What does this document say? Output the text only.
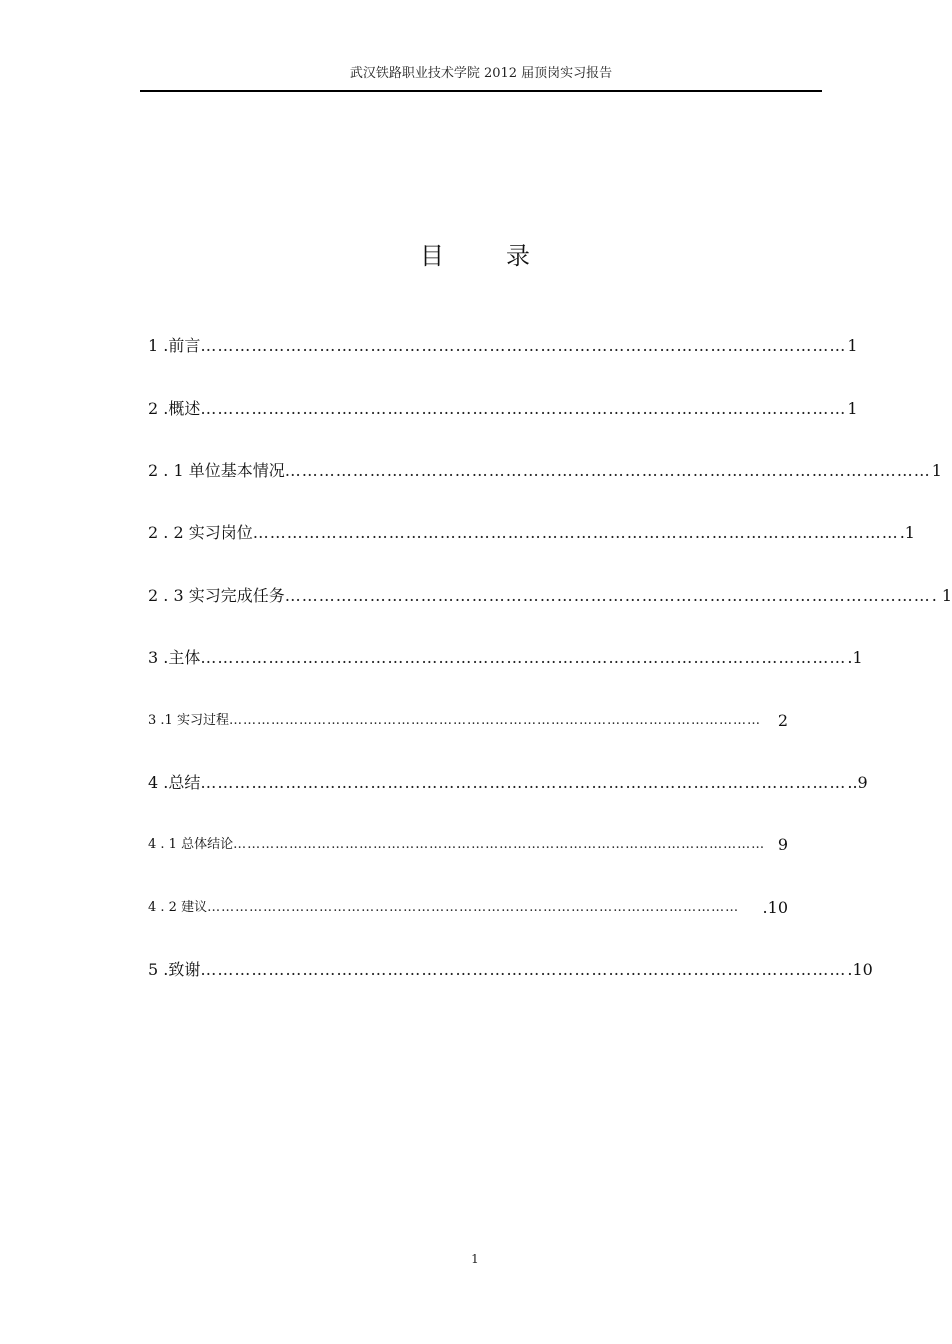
武汉铁路职业技术学院 2012 届顶岗实习报告
目录
1 .前言 …………………………………………………………………………………………………… 1
2 .概述 …………………………………………………………………………………………………… 1
2 . 1 单位基本情况 …………………………………………………………………………………………………… 1
2 . 2 实习岗位 …………………………………………………………………………………………………… .1
2 . 3 实习完成任务 …………………………………………………………………………………………………… . 1
3 .主体 …………………………………………………………………………………………………… .1
3 .1 实习过程 ……………………………………………………………………………………………………	2
4 .总结 …………………………………………………………………………………………………… ..9
4 . 1 总体结论 …………………………………………………………………………………………………… 9
4 . 2 建议 ……………………………………………………………………………………………………	.10
5 .致谢 …………………………………………………………………………………………………… .10
1
